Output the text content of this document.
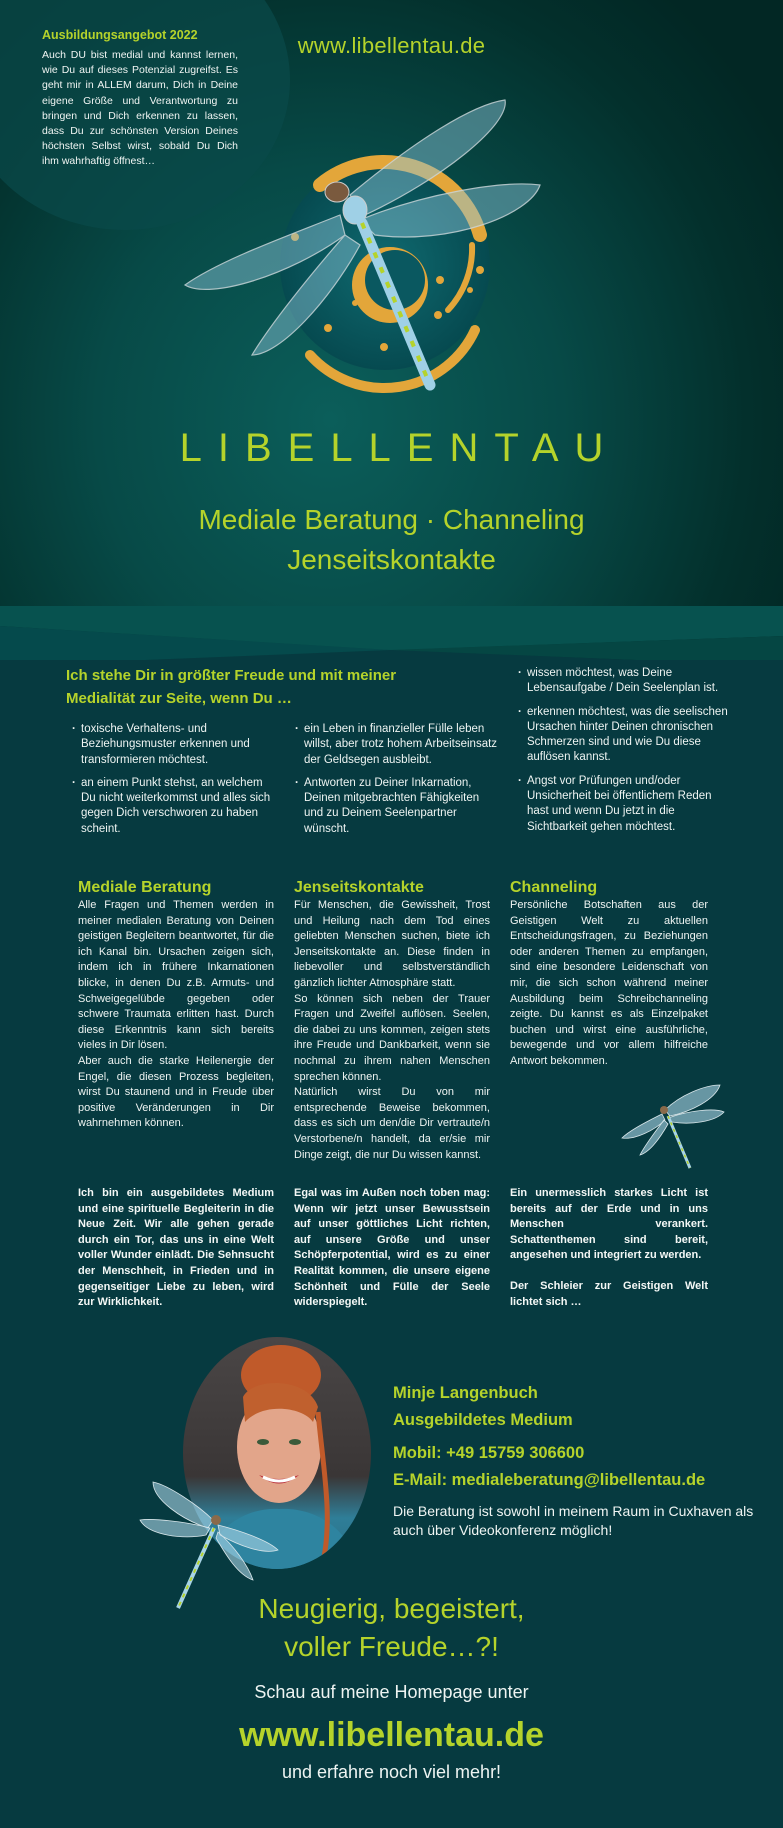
Ausbildungsangebot 2022

Auch DU bist medial und kannst lernen, wie Du auf dieses Potenzial zugreifst. Es geht mir in ALLEM darum, Dich in Deine eigene Größe und Verantwortung zu bringen und Dich erkennen zu lassen, dass Du zur schönsten Version Deines höchsten Selbst wirst, sobald Du Dich ihm wahrhaftig öffnest…

www.libellentau.de
LIBELLENTAU
Mediale Beratung · Channeling
Jenseitskontakte
Ich stehe Dir in größter Freude und mit meiner Medialität zur Seite, wenn Du …
· toxische Verhaltens- und Beziehungsmuster erkennen und transformieren möchtest.
· an einem Punkt stehst, an welchem Du nicht weiterkommst und alles sich gegen Dich verschworen zu haben scheint.
· ein Leben in finanzieller Fülle leben willst, aber trotz hohem Arbeitseinsatz der Geldsegen ausbleibt.
· Antworten zu Deiner Inkarnation, Deinen mitgebrachten Fähigkeiten und zu Deinem Seelenpartner wünscht.
· wissen möchtest, was Deine Lebensaufgabe / Dein Seelenplan ist.
· erkennen möchtest, was die seelischen Ursachen hinter Deinen chronischen Schmerzen sind und wie Du diese auflösen kannst.
· Angst vor Prüfungen und/oder Unsicherheit bei öffentlichem Reden hast und wenn Du jetzt in die Sichtbarkeit gehen möchtest.
Mediale Beratung

Alle Fragen und Themen werden in meiner medialen Beratung von Deinen geistigen Begleitern beantwortet, für die ich Kanal bin. Ursachen zeigen sich, indem ich in frühere Inkarnationen blicke, in denen Du z.B. Armuts- und Schweigegelübde gegeben oder schwere Traumata erlitten hast. Durch diese Erkenntnis kann sich bereits vieles in Dir lösen.

Aber auch die starke Heilenergie der Engel, die diesen Prozess begleiten, wirst Du staunend und in Freude über positive Veränderungen in Dir wahrnehmen können.

Jenseitskontakte

Für Menschen, die Gewissheit, Trost und Heilung nach dem Tod eines geliebten Menschen suchen, biete ich Jenseitskontakte an. Diese finden in liebevoller und selbstverständlich gänzlich lichter Atmosphäre statt.

So können sich neben der Trauer Fragen und Zweifel auflösen. Seelen, die dabei zu uns kommen, zeigen stets ihre Freude und Dankbarkeit, wenn sie nochmal zu ihrem nahen Menschen sprechen können.

Natürlich wirst Du von mir entsprechende Beweise bekommen, dass es sich um den/die Dir vertraute/n Verstorbene/n handelt, da er/sie mir Dinge zeigt, die nur Du wissen kannst.

Channeling

Persönliche Botschaften aus der Geistigen Welt zu aktuellen Entscheidungsfragen, zu Beziehungen oder anderen Themen zu empfangen, sind eine besondere Leidenschaft von mir, die sich schon während meiner Ausbildung beim Schreibchanneling zeigte. Du kannst es als Einzelpaket buchen und wirst eine ausführliche, bewegende und vor allem hilfreiche Antwort bekommen.

Ich bin ein ausgebildetes Medium und eine spirituelle Begleiterin in die Neue Zeit. Wir alle gehen gerade durch ein Tor, das uns in eine Welt voller Wunder einlädt. Die Sehnsucht der Menschheit, in Frieden und in gegenseitiger Liebe zu leben, wird zur Wirklichkeit.

Egal was im Außen noch toben mag: Wenn wir jetzt unser Bewusstsein auf unser göttliches Licht richten, auf unsere Größe und unser Schöpferpotential, wird es zu einer Realität kommen, die unsere eigene Schönheit und Fülle der Seele widerspiegelt.

Ein unermesslich starkes Licht ist bereits auf der Erde und in uns Menschen verankert. Schattenthemen sind bereit, angesehen und integriert zu werden.

Der Schleier zur Geistigen Welt lichtet sich …

Minje Langenbuch
Ausgebildetes Medium
Mobil: +49 15759 306600
E-Mail: medialeberatung@libellentau.de
Die Beratung ist sowohl in meinem Raum in Cuxhaven als auch über Videokonferenz möglich!
Neugierig, begeistert,
voller Freude…?!
Schau auf meine Homepage unter
www.libellentau.de
und erfahre noch viel mehr!
